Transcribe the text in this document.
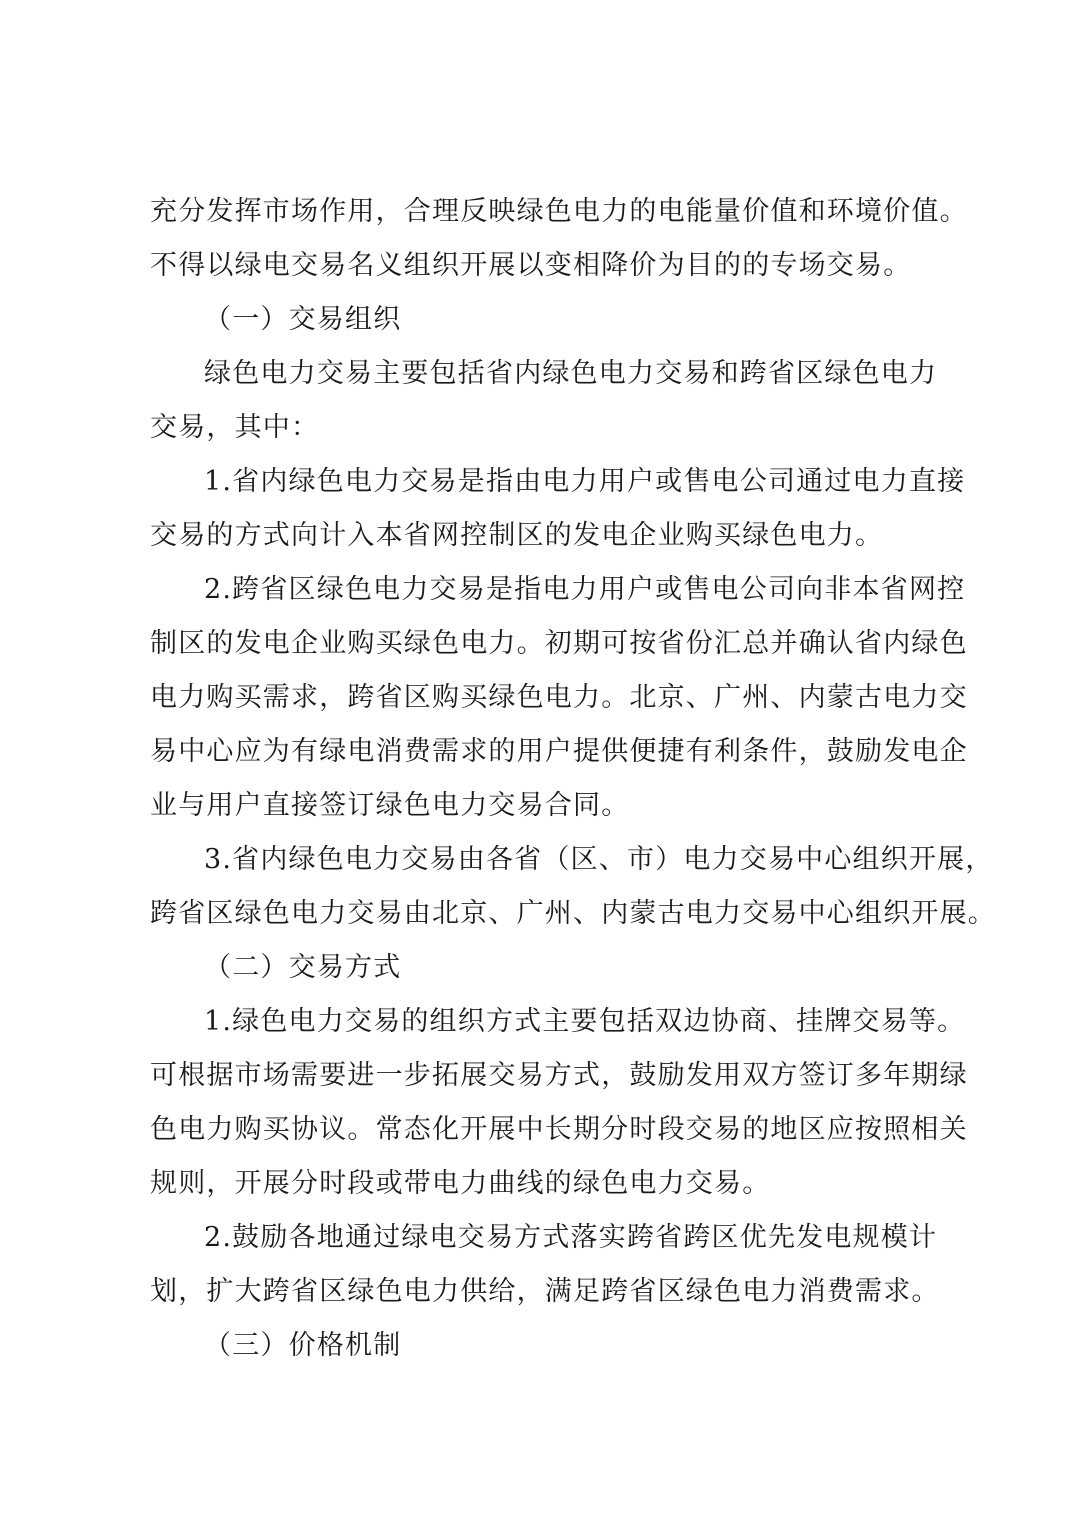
充分发挥市场作用，合理反映绿色电力的电能量价值和环境价值。
不得以绿电交易名义组织开展以变相降价为目的的专场交易。
（一）交易组织
绿色电力交易主要包括省内绿色电力交易和跨省区绿色电力
交易，其中：
1.省内绿色电力交易是指由电力用户或售电公司通过电力直接
交易的方式向计入本省网控制区的发电企业购买绿色电力。
2.跨省区绿色电力交易是指电力用户或售电公司向非本省网控
制区的发电企业购买绿色电力。初期可按省份汇总并确认省内绿色
电力购买需求，跨省区购买绿色电力。北京、广州、内蒙古电力交
易中心应为有绿电消费需求的用户提供便捷有利条件，鼓励发电企
业与用户直接签订绿色电力交易合同。
3.省内绿色电力交易由各省（区、市）电力交易中心组织开展，
跨省区绿色电力交易由北京、广州、内蒙古电力交易中心组织开展。
（二）交易方式
1.绿色电力交易的组织方式主要包括双边协商、挂牌交易等。
可根据市场需要进一步拓展交易方式，鼓励发用双方签订多年期绿
色电力购买协议。常态化开展中长期分时段交易的地区应按照相关
规则，开展分时段或带电力曲线的绿色电力交易。
2.鼓励各地通过绿电交易方式落实跨省跨区优先发电规模计
划，扩大跨省区绿色电力供给，满足跨省区绿色电力消费需求。
（三）价格机制
